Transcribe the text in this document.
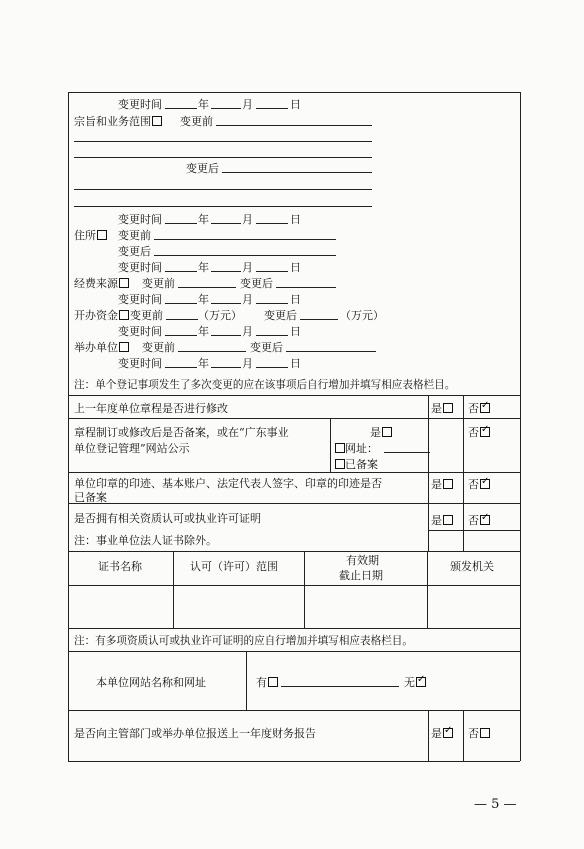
变更时间	年	月	日
宗旨和业务范围	变更前
变更后
变更时间	年	月	日
住所	变更前
变更后
变更时间	年	月	日
经费来源	变更前	变更后
变更时间	年	月	日
开办资金	变更前	（万元） 变更后	（万元）
变更时间	年	月	日
举办单位	变更前	变更后
变更时间	年	月	日
注：单个登记事项发生了多次变更的应在该事项后自行增加并填写相应表格栏目。
上一年度单位章程是否进行修改	是	否✓
章程制订或修改后是否备案，或在“广东事业
单位登记管理”网站公示
是
网址：
已备案
否✓
单位印章的印迹、基本账户、法定代表人签字、印章的印迹是否
已备案
是	否✓
是否拥有相关资质认可或执业许可证明
注：事业单位法人证书除外。
是	否✓
证书名称	认可（许可）范围	有效期
截止日期
颁发机关
注：有多项资质认可或执业许可证明的应自行增加并填写相应表格栏目。
本单位网站名称和网址	有	无✓
是否向主管部门或举办单位报送上一年度财务报告	是✓	否
— 5 —
